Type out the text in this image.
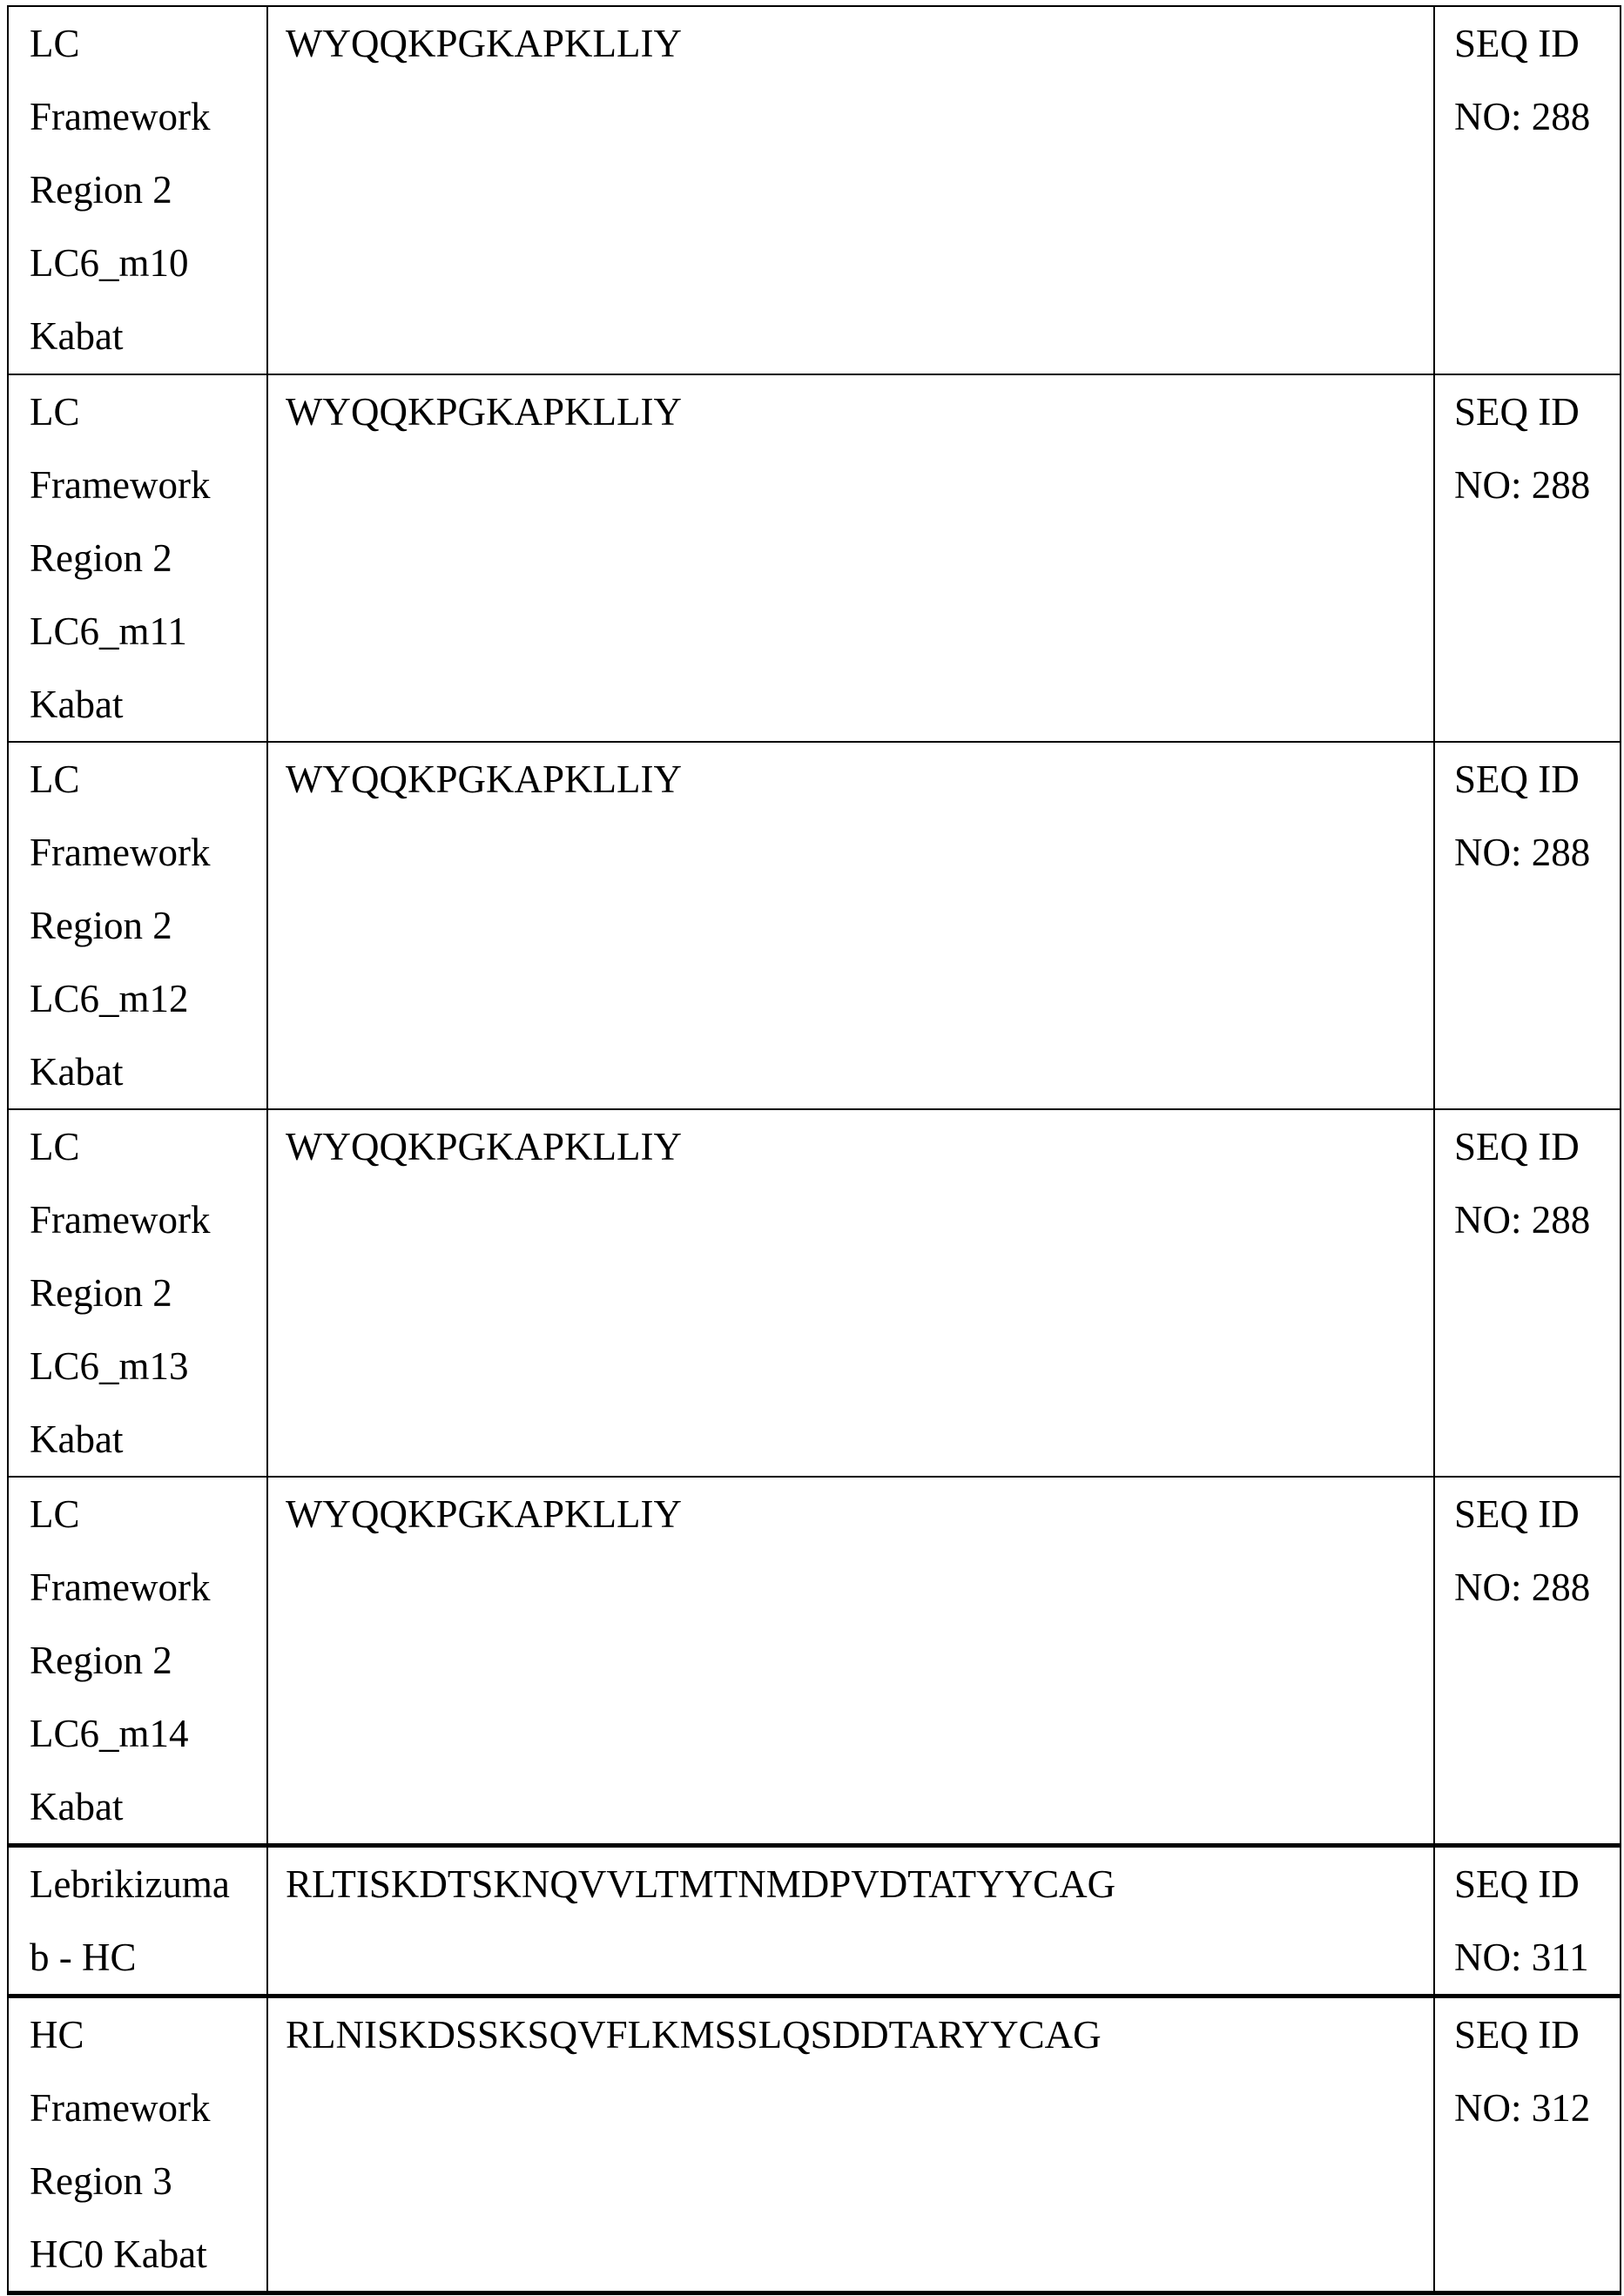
LC
Framework
Region 2
LC6_m10
Kabat
	WYQQKPGKAPKLLIY	SEQ ID
NO: 288

LC
Framework
Region 2
LC6_m11
Kabat
	WYQQKPGKAPKLLIY	SEQ ID
NO: 288

LC
Framework
Region 2
LC6_m12
Kabat
	WYQQKPGKAPKLLIY	SEQ ID
NO: 288

LC
Framework
Region 2
LC6_m13
Kabat
	WYQQKPGKAPKLLIY	SEQ ID
NO: 288

LC
Framework
Region 2
LC6_m14
Kabat
	WYQQKPGKAPKLLIY	SEQ ID
NO: 288

Lebrikizuma
b - HC
	RLTISKDTSKNQVVLTMTNMDPVDTATYYCAG	SEQ ID
NO: 311

HC
Framework
Region 3
HC0 Kabat
	RLNISKDSSKSQVFLKMSSLQSDDTARYYCAG	SEQ ID
NO: 312
